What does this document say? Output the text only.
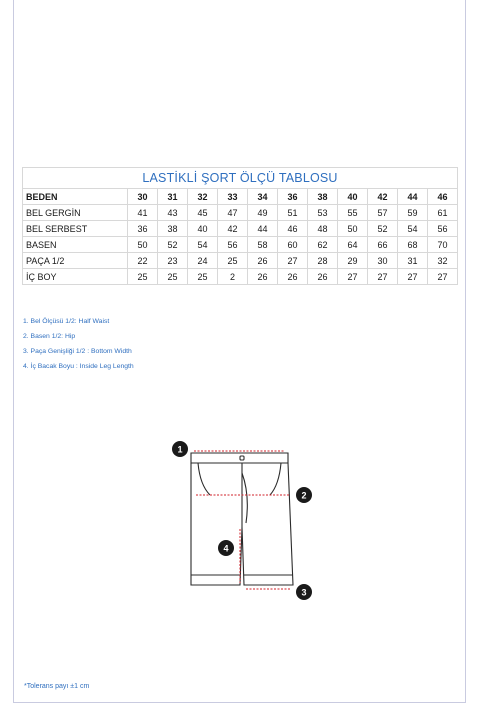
LASTİKLİ ŞORT ÖLÇÜ TABLOSU
BEDEN	30	31	32	33	34	36	38	40	42	44	46
BEL GERGİN	41	43	45	47	49	51	53	55	57	59	61
BEL SERBEST	36	38	40	42	44	46	48	50	52	54	56
BASEN	50	52	54	56	58	60	62	64	66	68	70
PAÇA 1/2	22	23	24	25	26	27	28	29	30	31	32
İÇ BOY	25	25	25	2	26	26	26	27	27	27	27
1. Bel Ölçüsü 1/2: Half Waist
2. Basen 1/2: Hip
3. Paça Genişliği 1/2 : Bottom Width
4. İç Bacak Boyu : Inside Leg Length
1
2
3
4
*Tolerans payı ±1 cm
